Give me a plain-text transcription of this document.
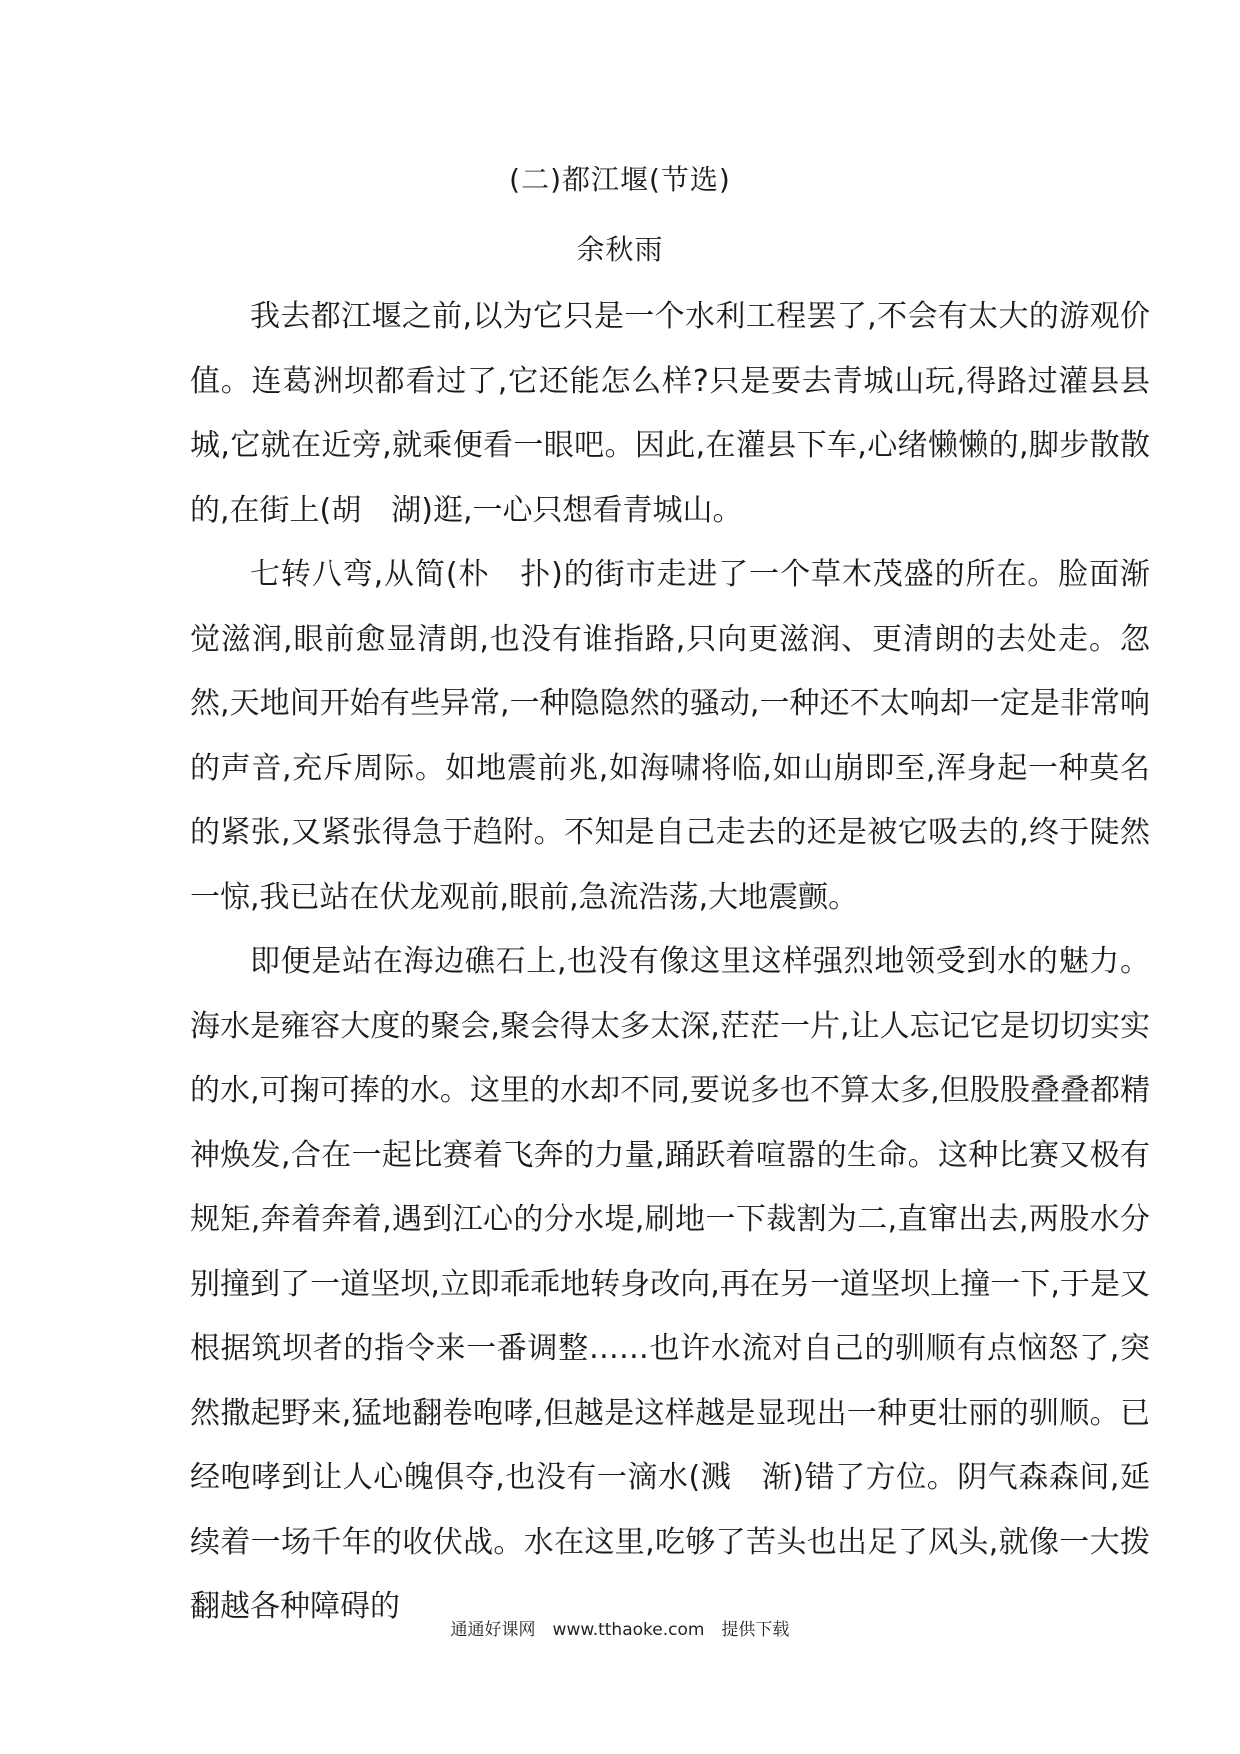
(二)都江堰(节选)
余秋雨

我去都江堰之前,以为它只是一个水利工程罢了,不会有太大的游观价值。连葛洲坝都看过了,它还能怎么样?只是要去青城山玩,得路过灌县县城,它就在近旁,就乘便看一眼吧。因此,在灌县下车,心绪懒懒的,脚步散散的,在街上(胡　湖)逛,一心只想看青城山。

七转八弯,从简(朴　扑)的街市走进了一个草木茂盛的所在。脸面渐觉滋润,眼前愈显清朗,也没有谁指路,只向更滋润、更清朗的去处走。忽然,天地间开始有些异常,一种隐隐然的骚动,一种还不太响却一定是非常响的声音,充斥周际。如地震前兆,如海啸将临,如山崩即至,浑身起一种莫名的紧张,又紧张得急于趋附。不知是自己走去的还是被它吸去的,终于陡然一惊,我已站在伏龙观前,眼前,急流浩荡,大地震颤。

即便是站在海边礁石上,也没有像这里这样强烈地领受到水的魅力。海水是雍容大度的聚会,聚会得太多太深,茫茫一片,让人忘记它是切切实实的水,可掬可捧的水。这里的水却不同,要说多也不算太多,但股股叠叠都精神焕发,合在一起比赛着飞奔的力量,踊跃着喧嚣的生命。这种比赛又极有规矩,奔着奔着,遇到江心的分水堤,刷地一下裁割为二,直窜出去,两股水分别撞到了一道坚坝,立即乖乖地转身改向,再在另一道坚坝上撞一下,于是又根据筑坝者的指令来一番调整……也许水流对自己的驯顺有点恼怒了,突然撒起野来,猛地翻卷咆哮,但越是这样越是显现出一种更壮丽的驯顺。已经咆哮到让人心魄俱夺,也没有一滴水(溅　渐)错了方位。阴气森森间,延续着一场千年的收伏战。水在这里,吃够了苦头也出足了风头,就像一大拨翻越各种障碍的

通通好课网　www.tthaoke.com　提供下载
